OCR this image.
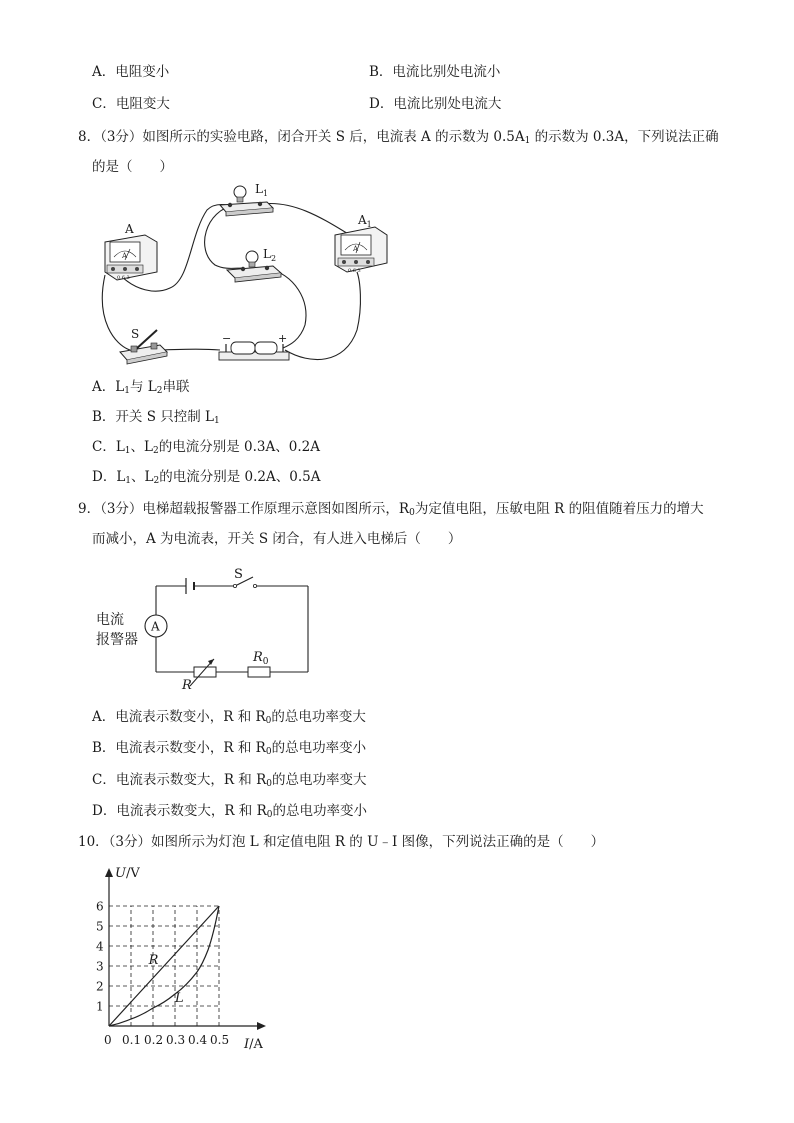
A．电阻变小	B．电流比别处电流小
C．电阻变大	D．电流比别处电流大
8．（3分）如图所示的实验电路，闭合开关 S 后，电流表 A 的示数为 $0.5A_1$ 的示数为 0.3A，下列说法正确
的是（　　）
A
A
0.6 3
$L_1$
$L_2$
$A_1$
A
0.6 3
S	−	+
A．$L_1$与 $L_2$串联
B．开关 S 只控制 $L_1$
C．$L_1$、$L_2$的电流分别是 0.3A、0.2A
D．$L_1$、$L_2$的电流分别是 0.2A、0.5A
9．（3分）电梯超载报警器工作原理示意图如图所示，$R_0$为定值电阻，压敏电阻 R 的阻值随着压力的增大
而减小，A 为电流表，开关 S 闭合，有人进入电梯后（　　）
S
A
电流
报警器
R
$R_0$
A．电流表示数变小，R 和 $R_0$的总电功率变大
B．电流表示数变小，R 和 $R_0$的总电功率变小
C．电流表示数变大，R 和 $R_0$的总电功率变大
D．电流表示数变大，R 和 $R_0$的总电功率变小
10．（3分）如图所示为灯泡 L 和定值电阻 R 的 U﹣I 图像，下列说法正确的是（　　）
R
L
1
2
3
4
5
6
0.1 0.2 0.3 0.4 0.5
0
U/V
I/A
